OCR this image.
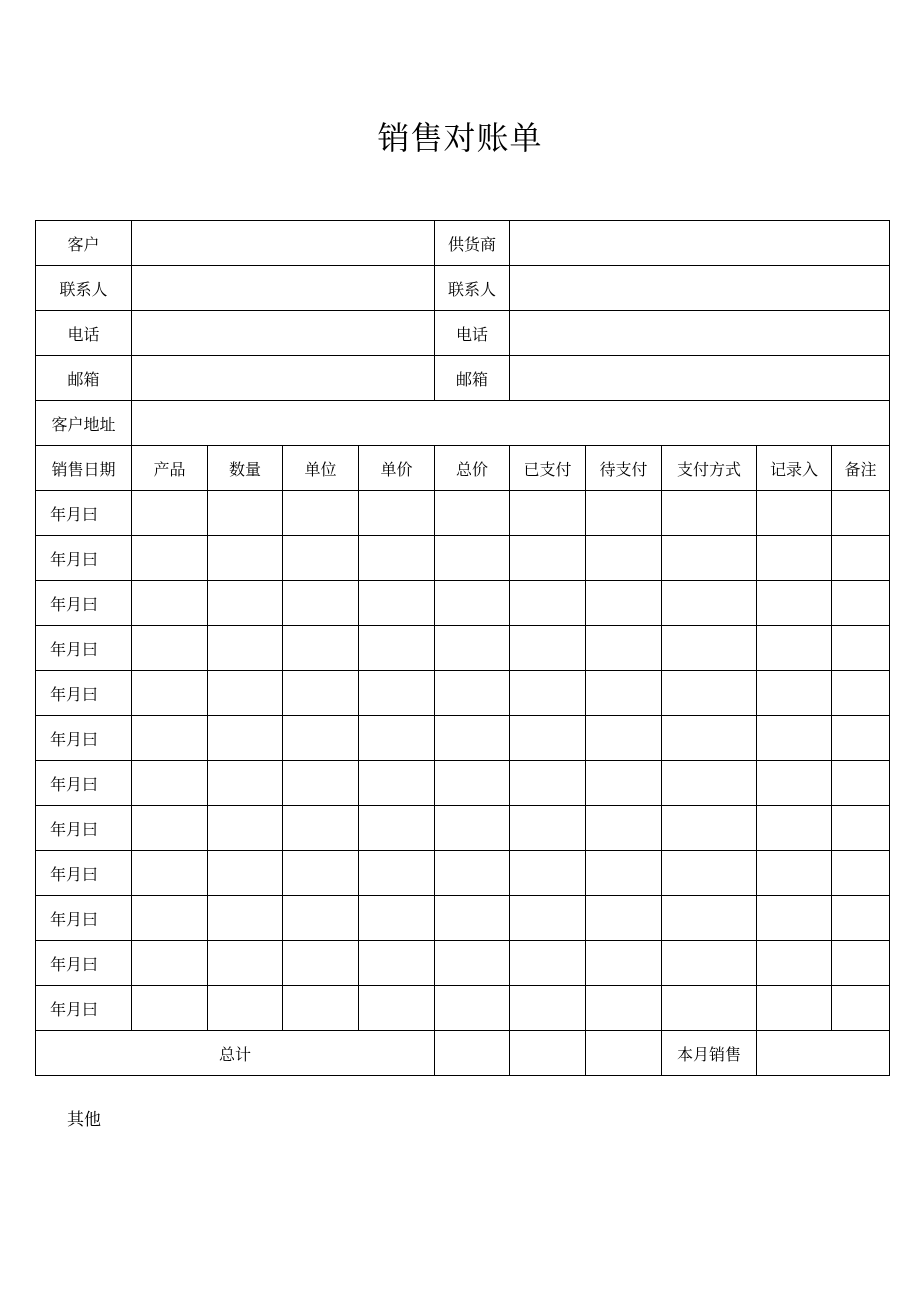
销售对账单
客户					供货商					
联系人					联系人					
电话					电话					
邮箱					邮箱					
客户地址										
销售日期	产品	数量	单位	单价	总价	已支付	待支付	支付方式	记录入	备注
年月曰										
年月曰										
年月曰										
年月曰										
年月曰										
年月曰										
年月曰										
年月曰										
年月曰										
年月曰										
年月曰										
年月曰										
总计								本月销售		
其他
